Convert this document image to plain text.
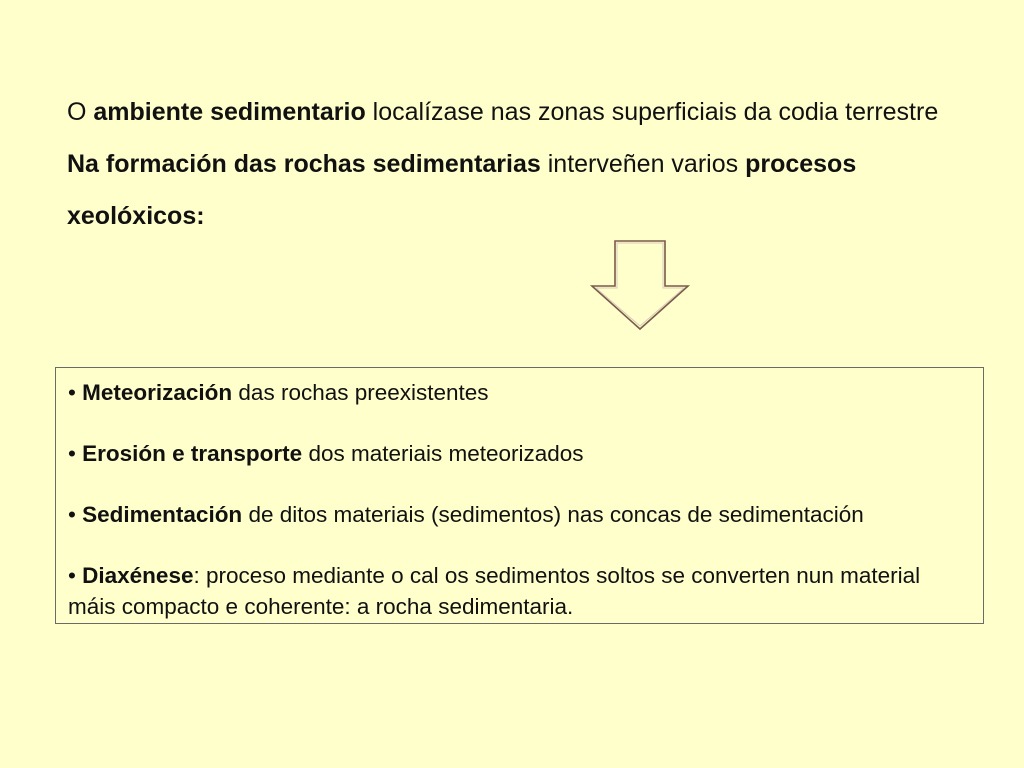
O ambiente sedimentario localízase nas zonas superficiais da codia terrestre

Na formación das rochas sedimentarias interveñen varios procesos xeolóxicos:

• Meteorización das rochas preexistentes

• Erosión e transporte dos materiais meteorizados

• Sedimentación de ditos materiais (sedimentos) nas concas de sedimentación

• Diaxénese: proceso mediante o cal os sedimentos soltos se converten nun material máis compacto e coherente: a rocha sedimentaria.
